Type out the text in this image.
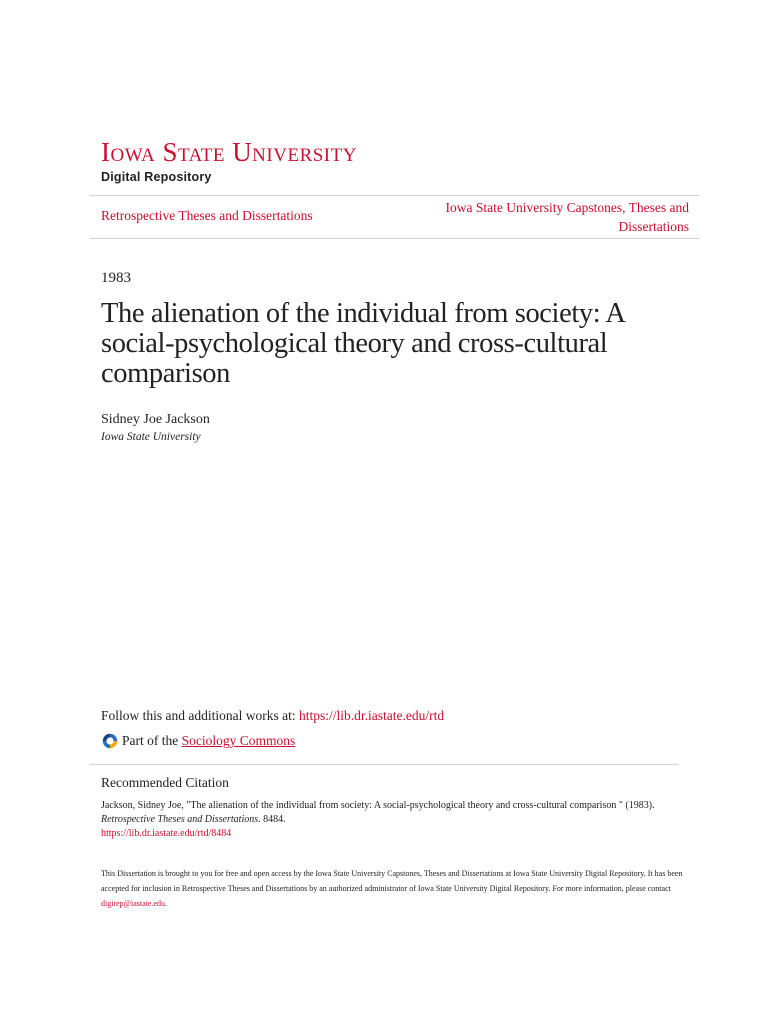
Iowa State University
Digital Repository
Retrospective Theses and Dissertations
Iowa State University Capstones, Theses and Dissertations
1983
The alienation of the individual from society: A social-psychological theory and cross-cultural comparison
Sidney Joe Jackson
Iowa State University
Follow this and additional works at: https://lib.dr.iastate.edu/rtd
Part of the Sociology Commons
Recommended Citation
Jackson, Sidney Joe, "The alienation of the individual from society: A social-psychological theory and cross-cultural comparison " (1983). Retrospective Theses and Dissertations. 8484.
https://lib.dr.iastate.edu/rtd/8484
This Dissertation is brought to you for free and open access by the Iowa State University Capstones, Theses and Dissertations at Iowa State University Digital Repository. It has been accepted for inclusion in Retrospective Theses and Dissertations by an authorized administrator of Iowa State University Digital Repository. For more information, please contact digirep@iastate.edu.
